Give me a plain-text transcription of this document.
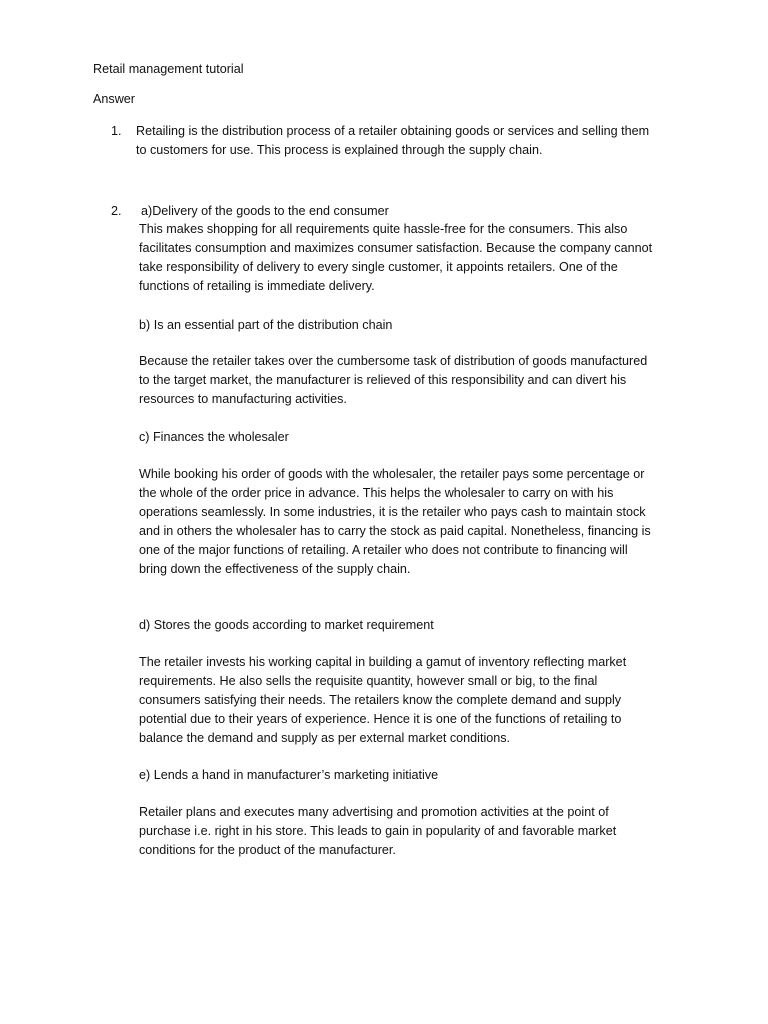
Retail management tutorial
Answer
1. Retailing is the distribution process of a retailer obtaining goods or services and selling them
to customers for use. This process is explained through the supply chain.
2. a)Delivery of the goods to the end consumer
This makes shopping for all requirements quite hassle-free for the consumers. This also
facilitates consumption and maximizes consumer satisfaction. Because the company cannot
take responsibility of delivery to every single customer, it appoints retailers. One of the
functions of retailing is immediate delivery.
b) Is an essential part of the distribution chain
Because the retailer takes over the cumbersome task of distribution of goods manufactured
to the target market, the manufacturer is relieved of this responsibility and can divert his
resources to manufacturing activities.
c) Finances the wholesaler
While booking his order of goods with the wholesaler, the retailer pays some percentage or
the whole of the order price in advance. This helps the wholesaler to carry on with his
operations seamlessly. In some industries, it is the retailer who pays cash to maintain stock
and in others the wholesaler has to carry the stock as paid capital. Nonetheless, financing is
one of the major functions of retailing. A retailer who does not contribute to financing will
bring down the effectiveness of the supply chain.
d) Stores the goods according to market requirement
The retailer invests his working capital in building a gamut of inventory reflecting market
requirements. He also sells the requisite quantity, however small or big, to the final
consumers satisfying their needs. The retailers know the complete demand and supply
potential due to their years of experience. Hence it is one of the functions of retailing to
balance the demand and supply as per external market conditions.
e) Lends a hand in manufacturer’s marketing initiative
Retailer plans and executes many advertising and promotion activities at the point of
purchase i.e. right in his store. This leads to gain in popularity of and favorable market
conditions for the product of the manufacturer.
